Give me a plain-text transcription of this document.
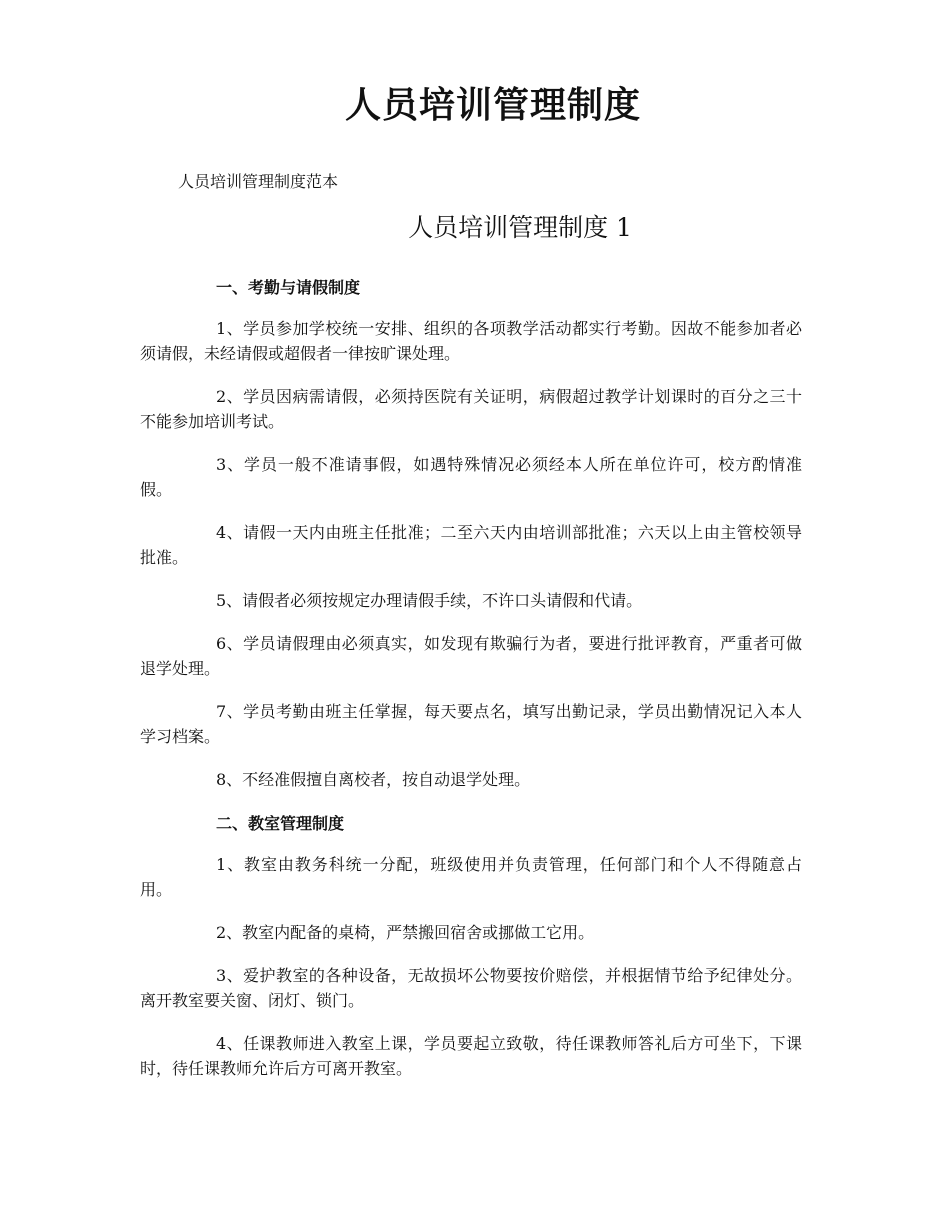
人员培训管理制度

人员培训管理制度范本

人员培训管理制度 1
一、考勤与请假制度

1、学员参加学校统一安排、组织的各项教学活动都实行考勤。因故不能参加者必须请假，未经请假或超假者一律按旷课处理。

2、学员因病需请假，必须持医院有关证明，病假超过教学计划课时的百分之三十不能参加培训考试。

3、学员一般不准请事假，如遇特殊情况必须经本人所在单位许可，校方酌情准假。

4、请假一天内由班主任批准；二至六天内由培训部批准；六天以上由主管校领导批准。

5、请假者必须按规定办理请假手续，不许口头请假和代请。

6、学员请假理由必须真实，如发现有欺骗行为者，要进行批评教育，严重者可做退学处理。

7、学员考勤由班主任掌握，每天要点名，填写出勤记录，学员出勤情况记入本人学习档案。

8、不经准假擅自离校者，按自动退学处理。

二、教室管理制度

1、教室由教务科统一分配，班级使用并负责管理，任何部门和个人不得随意占用。

2、教室内配备的桌椅，严禁搬回宿舍或挪做工它用。

3、爱护教室的各种设备，无故损坏公物要按价赔偿，并根据情节给予纪律处分。离开教室要关窗、闭灯、锁门。

4、任课教师进入教室上课，学员要起立致敬，待任课教师答礼后方可坐下，下课时，待任课教师允许后方可离开教室。
